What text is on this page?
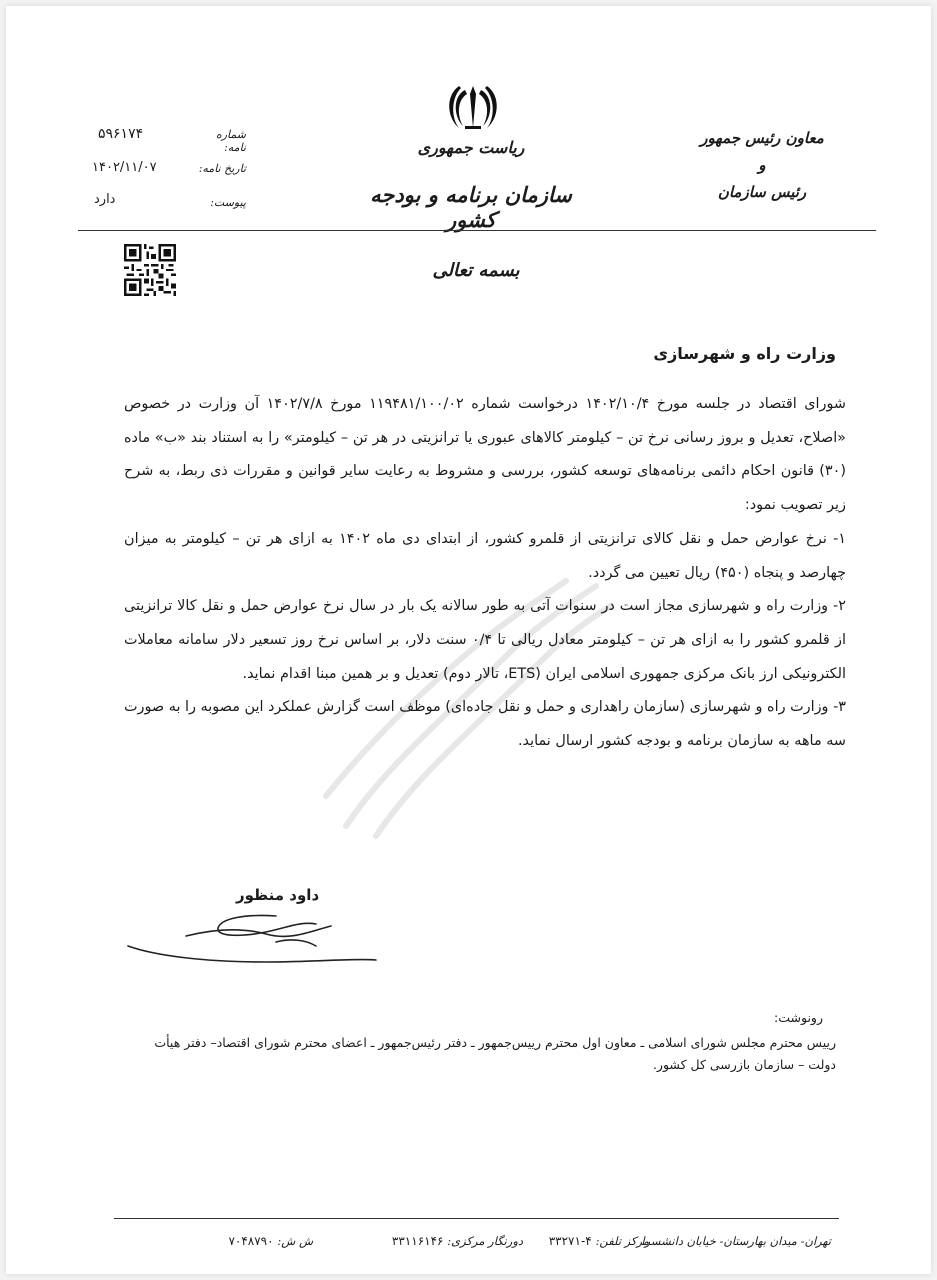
معاون رئیس جمهور
و
رئیس سازمان
ریاست جمهوری
سازمان برنامه و بودجه کشور
شماره نامه:
۵۹۶۱۷۴
تاریخ نامه:
۱۴۰۲/۱۱/۰۷
پیوست:
دارد
بسمه تعالی
وزارت راه و شهرسازی

شورای اقتصاد در جلسه مورخ ۱۴۰۲/۱۰/۴ درخواست شماره ۱۱۹۴۸۱/۱۰۰/۰۲ مورخ ۱۴۰۲/۷/۸ آن وزارت در خصوص «اصلاح، تعدیل و بروز رسانی نرخ تن – کیلومتر کالاهای عبوری یا ترانزیتی در هر تن – کیلومتر» را به استناد بند «ب» ماده (۳۰) قانون احکام دائمی برنامه‌های توسعه کشور، بررسی و مشروط به رعایت سایر قوانین و مقررات ذی ربط، به شرح زیر تصویب نمود:

۱- نرخ عوارض حمل و نقل کالای ترانزیتی از قلمرو کشور، از ابتدای دی ماه ۱۴۰۲ به ازای هر تن – کیلومتر به میزان چهارصد و پنجاه (۴۵۰) ریال تعیین می گردد.

۲- وزارت راه و شهرسازی مجاز است در سنوات آتی به طور سالانه یک بار در سال نرخ عوارض حمل و نقل کالا ترانزیتی از قلمرو کشور را به ازای هر تن – کیلومتر معادل ریالی تا ۰/۴ سنت دلار، بر اساس نرخ روز تسعیر دلار سامانه معاملات الکترونیکی ارز بانک مرکزی جمهوری اسلامی ایران (ETS، تالار دوم) تعدیل و بر همین مبنا اقدام نماید.

۳- وزارت راه و شهرسازی (سازمان راهداری و حمل و نقل جاده‌ای) موظف است گزارش عملکرد این مصوبه را به صورت سه ماهه به سازمان برنامه و بودجه کشور ارسال نماید.

داود منظور
رونوشت:
رییس محترم مجلس شورای اسلامی ـ معاون اول محترم رییس‌جمهور ـ دفتر رئیس‌جمهور ـ اعضای محترم شورای اقتصاد– دفتر هیأت دولت – سازمان بازرسی کل کشور.
تهران- میدان بهارستان- خیابان دانشسرا
مرکز تلفن: ۴-۳۳۲۷۱
دورنگار مرکزی: ۳۳۱۱۶۱۴۶
ش ش: ۷۰۴۸۷۹۰
